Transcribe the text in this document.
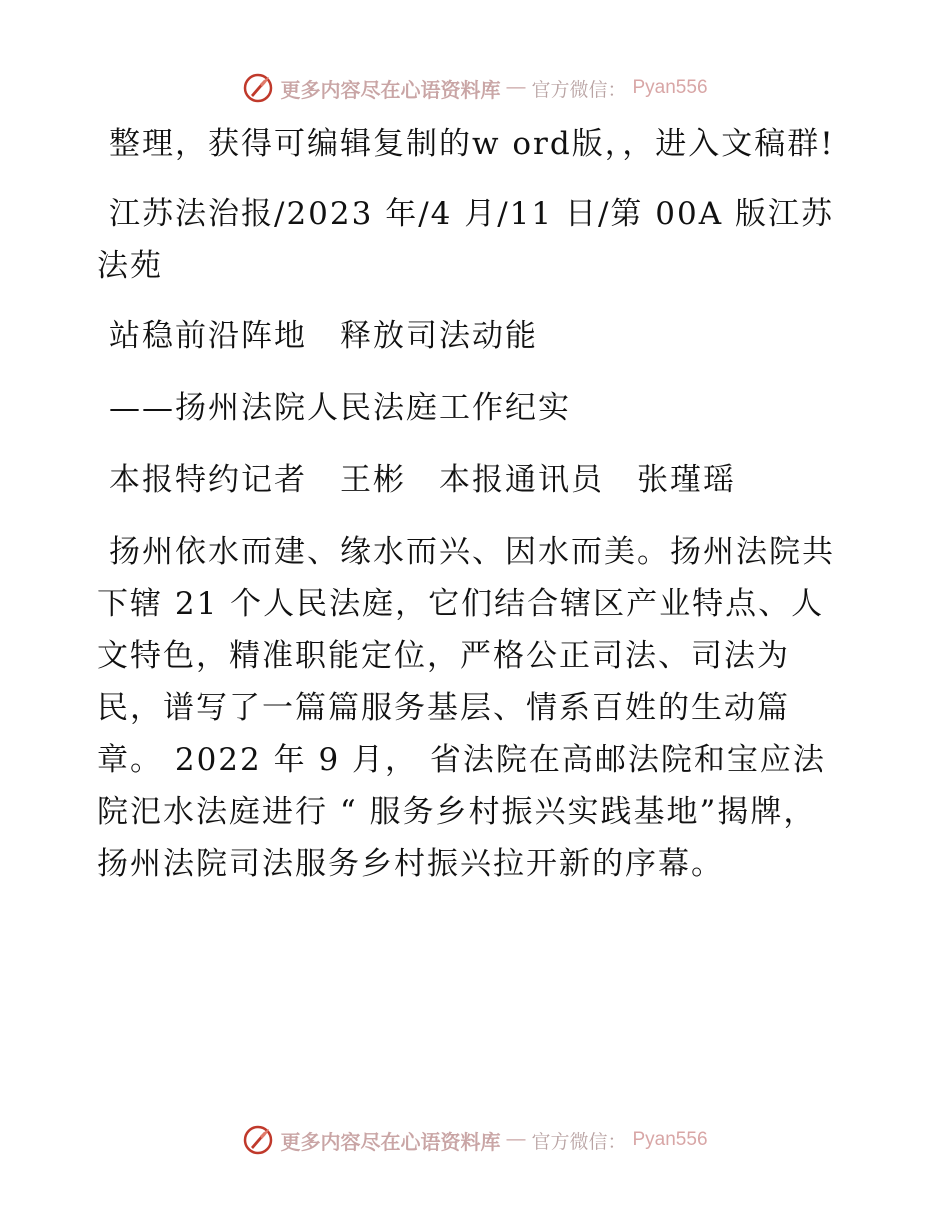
更多内容尽在心语资料库 — 官方微信： Pyan556

整理，获得可编辑复制的w ord版，，进入文稿群!

江苏法治报/2023 年/4 月/11 日/第 00A 版江苏法苑

站稳前沿阵地　释放司法动能

——扬州法院人民法庭工作纪实

本报特约记者　王彬　本报通讯员　张瑾瑶

扬州依水而建、缘水而兴、因水而美。扬州法院共下辖 21 个人民法庭，它们结合辖区产业特点、人文特色，精准职能定位，严格公正司法、司法为民，谱写了一篇篇服务基层、情系百姓的生动篇章。 2022 年 9 月， 省法院在高邮法院和宝应法院汜水法庭进行 “ 服务乡村振兴实践基地”揭牌，扬州法院司法服务乡村振兴拉开新的序幕。

更多内容尽在心语资料库 — 官方微信： Pyan556
